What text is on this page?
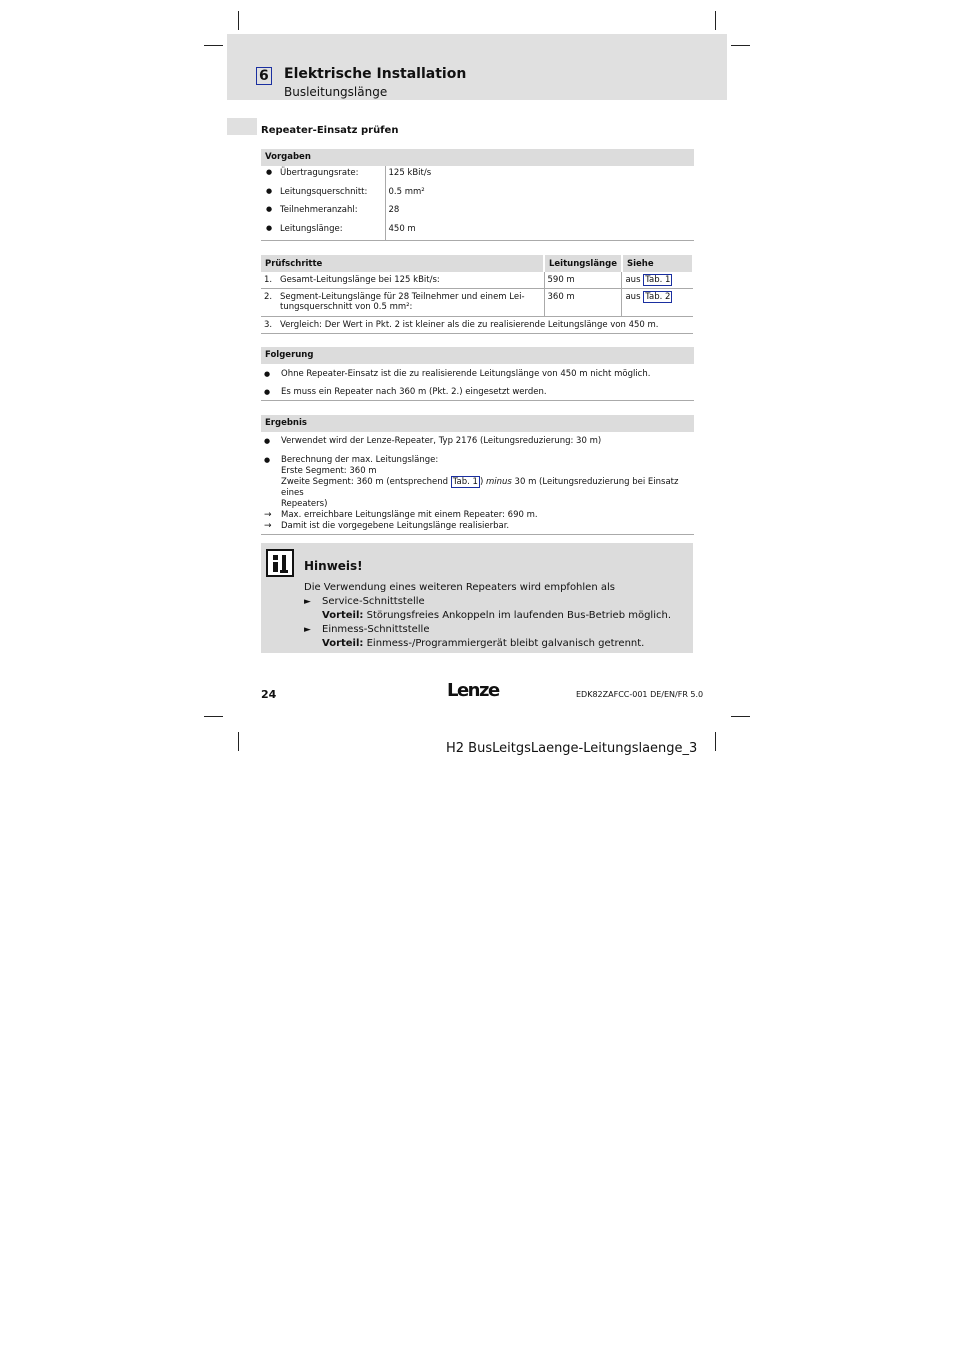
6 Elektrische Installation
Busleitungslänge
Repeater-Einsatz prüfen
Vorgaben
● Übertragungsrate:	125 kBit/s
● Leitungsquerschnitt:	0.5 mm²
● Teilnehmeranzahl:	28
● Leitungslänge:	450 m
Prüfschritte	Leitungslänge	Siehe
1. Gesamt-Leitungslänge bei 125 kBit/s:	590 m	aus Tab. 1

2. Segment-Leitungslänge für 28 Teilnehmer und einem Lei-
tungsquerschnitt von 0.5 mm²:	360 m	aus Tab. 2
3. Vergleich: Der Wert in Pkt. 2 ist kleiner als die zu realisierende Leitungslänge von 450 m.		
Folgerung
●	Ohne Repeater-Einsatz ist die zu realisierende Leitungslänge von 450 m nicht möglich.
●	Es muss ein Repeater nach 360 m (Pkt. 2.) eingesetzt werden.
Ergebnis
●	Verwendet wird der Lenze-Repeater, Typ 2176 (Leitungsreduzierung: 30 m)
●	Berechnung der max. Leitungslänge:
Erste Segment: 360 m
Zweite Segment: 360 m (entsprechend Tab. 1 ) minus 30 m (Leitungsreduzierung bei Einsatz eines
Repeaters)
→	Max. erreichbare Leitungslänge mit einem Repeater: 690 m.
→	Damit ist die vorgegebene Leitungslänge realisierbar.
Hinweis!
Die Verwendung eines weiteren Repeaters wird empfohlen als
►	Service-Schnittstelle
Vorteil: Störungsfreies Ankoppeln im laufenden Bus-Betrieb möglich.
►	Einmess-Schnittstelle
Vorteil: Einmess-/Programmiergerät bleibt galvanisch getrennt.
24	Lenze	EDK82ZAFCC-001 DE/EN/FR 5.0
H2 BusLeitgsLaenge-Leitungslaenge_3
